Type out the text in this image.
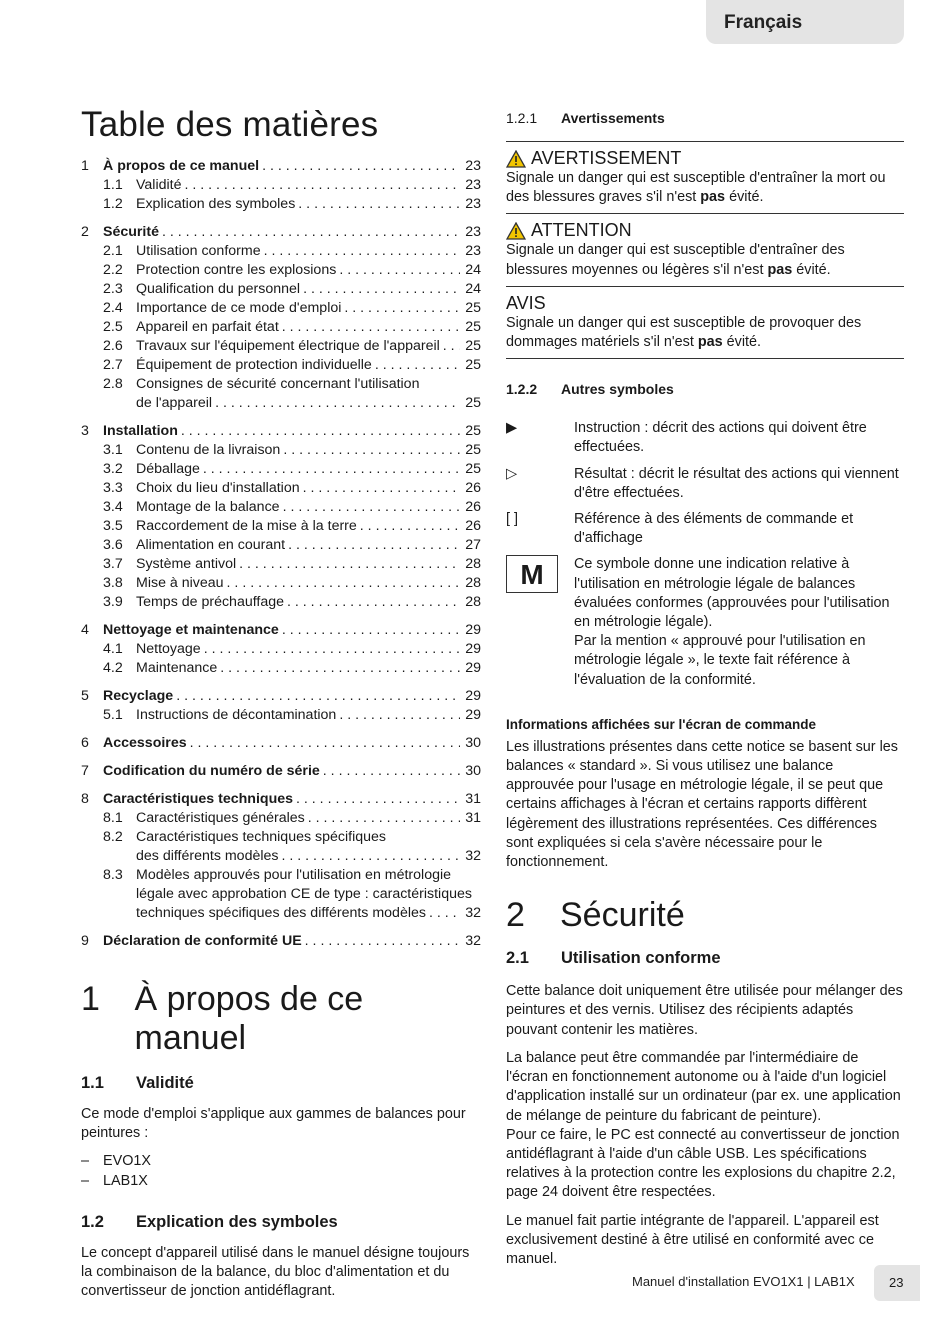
Français
Table des matières
1 À propos de ce manuel . . .	23
1.1 Validité . . .	23
1.2 Explication des symboles . . .	23
2 Sécurité . . .	23
2.1 Utilisation conforme . . .	23
2.2 Protection contre les explosions . . .	24
2.3 Qualification du personnel . . .	24
2.4 Importance de ce mode d'emploi . . .	25
2.5 Appareil en parfait état . . .	25
2.6 Travaux sur l'équipement électrique de l'appareil . . . 25
2.7 Équipement de protection individuelle . . .	25
2.8 Consignes de sécurité concernant l'utilisation
de l'appareil . . .	25
3 Installation . . .	25
3.1 Contenu de la livraison . . .	25
3.2 Déballage . . .	25
3.3 Choix du lieu d'installation . . .	26
3.4 Montage de la balance . . .	26
3.5 Raccordement de la mise à la terre . . .	26
3.6 Alimentation en courant . . .	27
3.7 Système antivol . . .	28
3.8 Mise à niveau . . .	28
3.9 Temps de préchauffage . . .	28
4 Nettoyage et maintenance . . .	29
4.1 Nettoyage . . .	29
4.2 Maintenance . . .	29
5 Recyclage . . .	29
5.1 Instructions de décontamination . . .	29
6 Accessoires . . .	30
7 Codification du numéro de série . . .	30
8 Caractéristiques techniques . . .	31
8.1 Caractéristiques générales . . .	31
8.2 Caractéristiques techniques spécifiques
des différents modèles . . .	32
8.3 Modèles approuvés pour l'utilisation en métrologie
légale avec approbation CE de type : caractéristiques
techniques spécifiques des différents modèles . . .	32
9 Déclaration de conformité UE . . .	32
1	À propos de ce manuel
1.1	Validité

Ce mode d'emploi s'applique aux gammes de balances pour peintures :

– EVO1X
– LAB1X
1.2	Explication des symboles

Le concept d'appareil utilisé dans le manuel désigne toujours la combinaison de la balance, du bloc d'alimentation et du convertisseur de jonction antidéflagrant.

1.2.1	Avertissements
AVERTISSEMENT

Signale un danger qui est susceptible d'entraîner la mort ou des blessures graves s'il n'est pas évité.

ATTENTION

Signale un danger qui est susceptible d'entraîner des blessures moyennes ou légères s'il n'est pas évité.

AVIS

Signale un danger qui est susceptible de provoquer des dommages matériels s'il n'est pas évité.

1.2.2	Autres symboles
▶	Instruction : décrit des actions qui doivent être effectuées.
▷	Résultat : décrit le résultat des actions qui viennent d'être effectuées.
[ ]	Référence à des éléments de commande et d'affichage
M	Ce symbole donne une indication relative à l'utilisation en métrologie légale de balances évaluées conformes (approuvées pour l'utilisation en métrologie légale).
Par la mention « approuvé pour l'utilisation en métrologie légale », le texte fait référence à l'évaluation de la conformité.
Informations affichées sur l'écran de commande

Les illustrations présentes dans cette notice se basent sur les balances « standard ». Si vous utilisez une balance approuvée pour l'usage en métrologie légale, il se peut que certains affichages à l'écran et certains rapports diffèrent légèrement des illustrations représentées. Ces différences sont expliquées si cela s'avère nécessaire pour le fonctionnement.

2	Sécurité
2.1	Utilisation conforme

Cette balance doit uniquement être utilisée pour mélanger des peintures et des vernis. Utilisez des récipients adaptés pouvant contenir les matières.

La balance peut être commandée par l'intermédiaire de l'écran en fonctionnement autonome ou à l'aide d'un logiciel d'application installé sur un ordinateur (par ex. une application de mélange de peinture du fabricant de peinture).

Pour ce faire, le PC est connecté au convertisseur de jonction antidéflagrant à l'aide d'un câble USB. Les spécifications relatives à la protection contre les explosions du chapitre 2.2, page 24 doivent être respectées.

Le manuel fait partie intégrante de l'appareil. L'appareil est exclusivement destiné à être utilisé en conformité avec ce manuel.

Manuel d'installation EVO1X1 | LAB1X	23
